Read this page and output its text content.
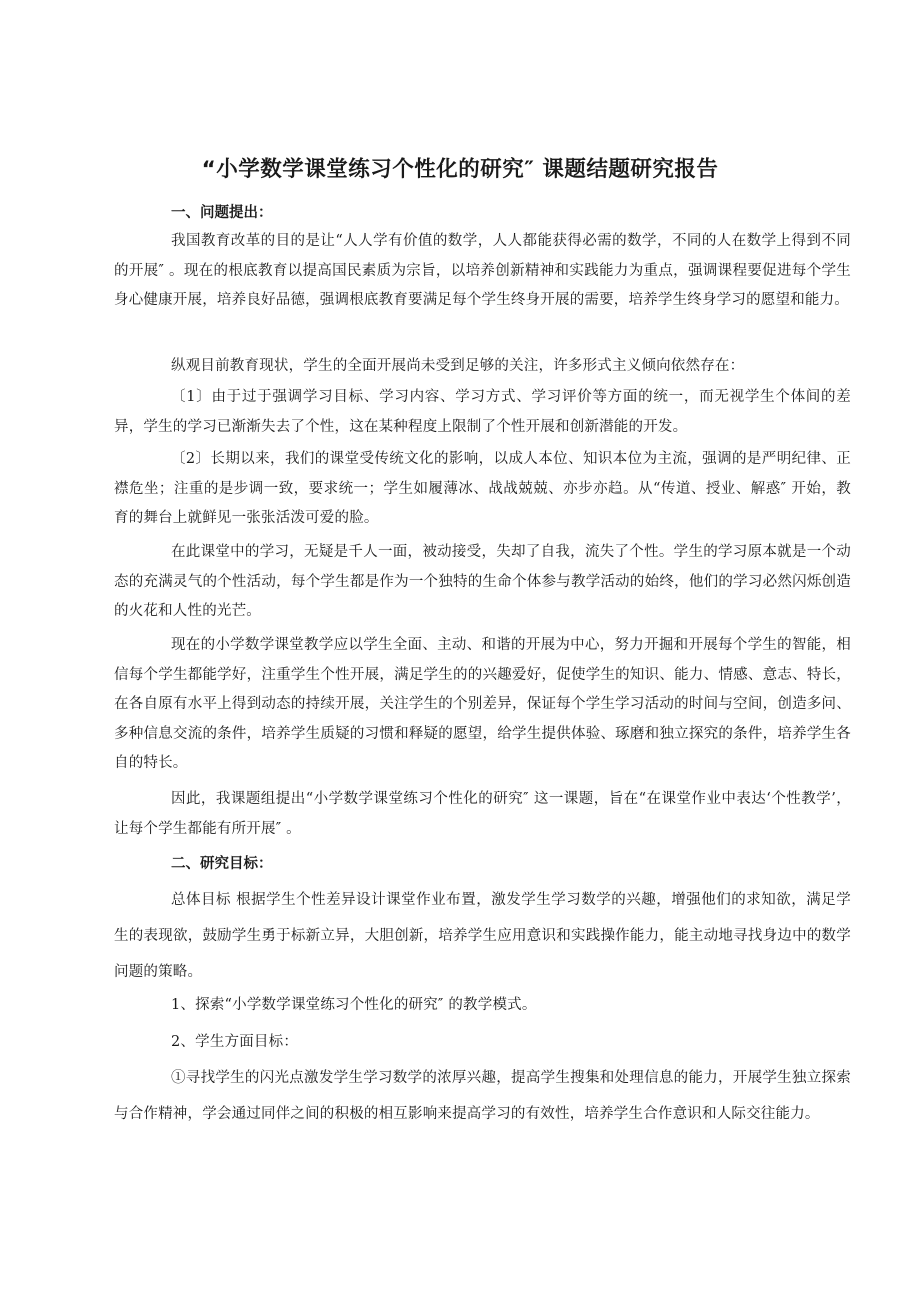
“小学数学课堂练习个性化的研究″ 课题结题研究报告

一、问题提出：

我国教育改革的目的是让“人人学有价值的数学，人人都能获得必需的数学，不同的人在数学上得到不同的开展″ 。现在的根底教育以提高国民素质为宗旨，以培养创新精神和实践能力为重点，强调课程要促进每个学生身心健康开展，培养良好品德，强调根底教育要满足每个学生终身开展的需要，培养学生终身学习的愿望和能力。

纵观目前教育现状，学生的全面开展尚未受到足够的关注，许多形式主义倾向依然存在：

〔1〕由于过于强调学习目标、学习内容、学习方式、学习评价等方面的统一，而无视学生个体间的差异，学生的学习已渐渐失去了个性，这在某种程度上限制了个性开展和创新潜能的开发。

〔2〕长期以来，我们的课堂受传统文化的影响，以成人本位、知识本位为主流，强调的是严明纪律、正襟危坐；注重的是步调一致，要求统一；学生如履薄冰、战战兢兢、亦步亦趋。从“传道、授业、解惑″ 开始，教育的舞台上就鲜见一张张活泼可爱的脸。

在此课堂中的学习，无疑是千人一面，被动接受，失却了自我，流失了个性。学生的学习原本就是一个动态的充满灵气的个性活动，每个学生都是作为一个独特的生命个体参与教学活动的始终，他们的学习必然闪烁创造的火花和人性的光芒。

现在的小学数学课堂教学应以学生全面、主动、和谐的开展为中心，努力开掘和开展每个学生的智能，相信每个学生都能学好，注重学生个性开展，满足学生的的兴趣爱好，促使学生的知识、能力、情感、意志、特长，在各自原有水平上得到动态的持续开展，关注学生的个别差异，保证每个学生学习活动的时间与空间，创造多问、多种信息交流的条件，培养学生质疑的习惯和释疑的愿望，给学生提供体验、琢磨和独立探究的条件，培养学生各自的特长。

因此，我课题组提出“小学数学课堂练习个性化的研究″ 这一课题，旨在“在课堂作业中表达‘个性教学’，让每个学生都能有所开展″ 。

二、研究目标：

总体目标 根据学生个性差异设计课堂作业布置，激发学生学习数学的兴趣，增强他们的求知欲，满足学生的表现欲，鼓励学生勇于标新立异，大胆创新，培养学生应用意识和实践操作能力，能主动地寻找身边中的数学问题的策略。

1、探索“小学数学课堂练习个性化的研究″ 的教学模式。

2、学生方面目标：

①寻找学生的闪光点激发学生学习数学的浓厚兴趣，提高学生搜集和处理信息的能力，开展学生独立探索与合作精神，学会通过同伴之间的积极的相互影响来提高学习的有效性，培养学生合作意识和人际交往能力。
